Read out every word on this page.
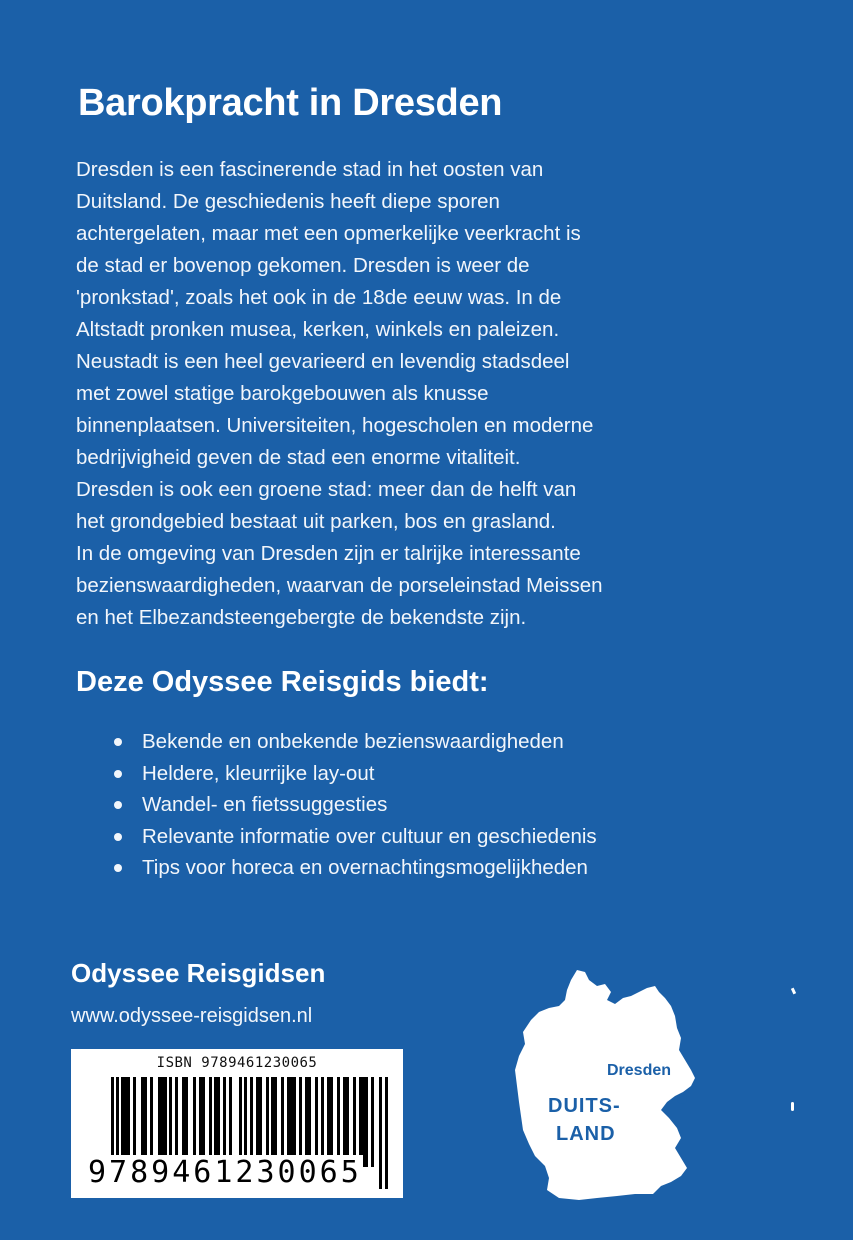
Barokpracht in Dresden
Dresden is een fascinerende stad in het oosten van
Duitsland. De geschiedenis heeft diepe sporen
achtergelaten, maar met een opmerkelijke veerkracht is
de stad er bovenop gekomen. Dresden is weer de
'pronkstad', zoals het ook in de 18de eeuw was. In de
Altstadt pronken musea, kerken, winkels en paleizen.
Neustadt is een heel gevarieerd en levendig stadsdeel
met zowel statige barokgebouwen als knusse
binnenplaatsen. Universiteiten, hogescholen en moderne
bedrijvigheid geven de stad een enorme vitaliteit.
Dresden is ook een groene stad: meer dan de helft van
het grondgebied bestaat uit parken, bos en grasland.
In de omgeving van Dresden zijn er talrijke interessante
bezienswaardigheden, waarvan de porseleinstad Meissen
en het Elbezandsteengebergte de bekendste zijn.
Deze Odyssee Reisgids biedt:
Bekende en onbekende bezienswaardigheden
Heldere, kleurrijke lay-out
Wandel- en fietssuggesties
Relevante informatie over cultuur en geschiedenis
Tips voor horeca en overnachtingsmogelijkheden
Odyssee Reisgidsen
www.odyssee-reisgidsen.nl
ISBN 9789461230065
9789461230065
Dresden
DUITS-
LAND
